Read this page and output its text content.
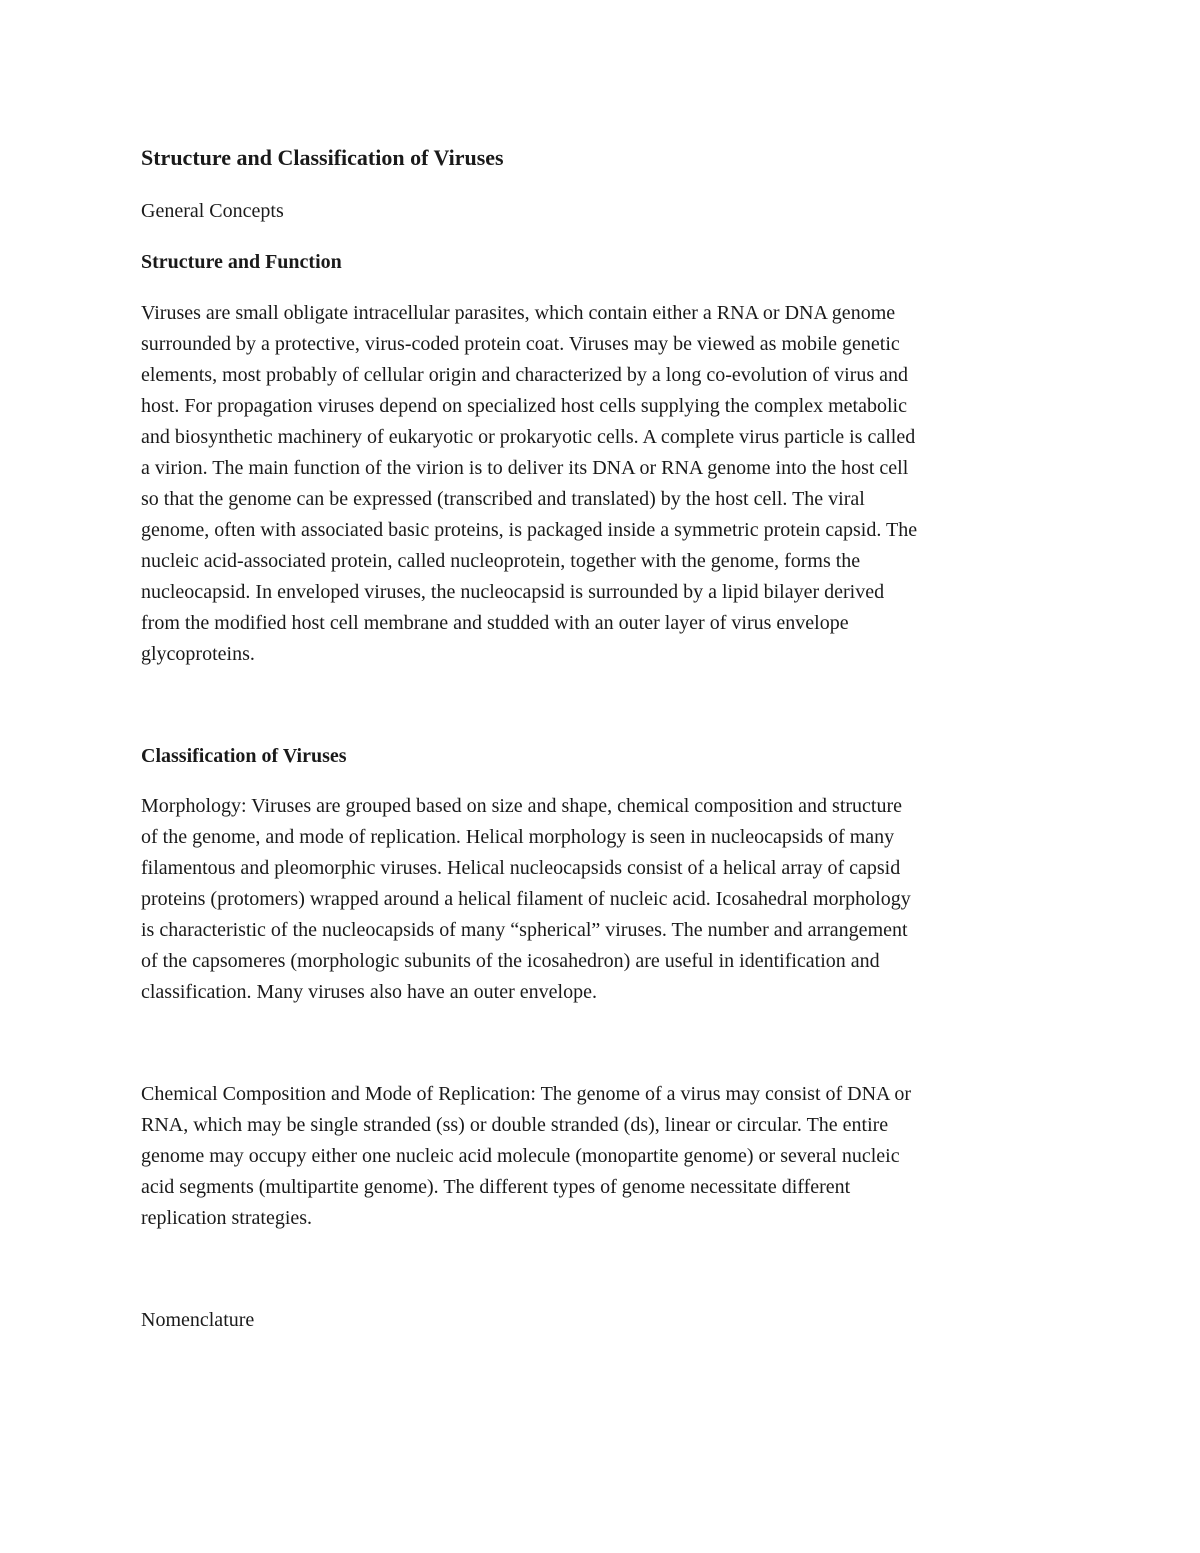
Structure and Classification of Viruses

General Concepts

Structure and Function

Viruses are small obligate intracellular parasites, which contain either a RNA or DNA genome

surrounded by a protective, virus-coded protein coat. Viruses may be viewed as mobile genetic

elements, most probably of cellular origin and characterized by a long co-evolution of virus and

host. For propagation viruses depend on specialized host cells supplying the complex metabolic

and biosynthetic machinery of eukaryotic or prokaryotic cells. A complete virus particle is called

a virion. The main function of the virion is to deliver its DNA or RNA genome into the host cell

so that the genome can be expressed (transcribed and translated) by the host cell. The viral

genome, often with associated basic proteins, is packaged inside a symmetric protein capsid. The

nucleic acid-associated protein, called nucleoprotein, together with the genome, forms the

nucleocapsid. In enveloped viruses, the nucleocapsid is surrounded by a lipid bilayer derived

from the modified host cell membrane and studded with an outer layer of virus envelope

glycoproteins.

Classification of Viruses

Morphology: Viruses are grouped based on size and shape, chemical composition and structure

of the genome, and mode of replication. Helical morphology is seen in nucleocapsids of many

filamentous and pleomorphic viruses. Helical nucleocapsids consist of a helical array of capsid

proteins (protomers) wrapped around a helical filament of nucleic acid. Icosahedral morphology

is characteristic of the nucleocapsids of many “spherical” viruses. The number and arrangement

of the capsomeres (morphologic subunits of the icosahedron) are useful in identification and

classification. Many viruses also have an outer envelope.

Chemical Composition and Mode of Replication: The genome of a virus may consist of DNA or

RNA, which may be single stranded (ss) or double stranded (ds), linear or circular. The entire

genome may occupy either one nucleic acid molecule (monopartite genome) or several nucleic

acid segments (multipartite genome). The different types of genome necessitate different

replication strategies.

Nomenclature
